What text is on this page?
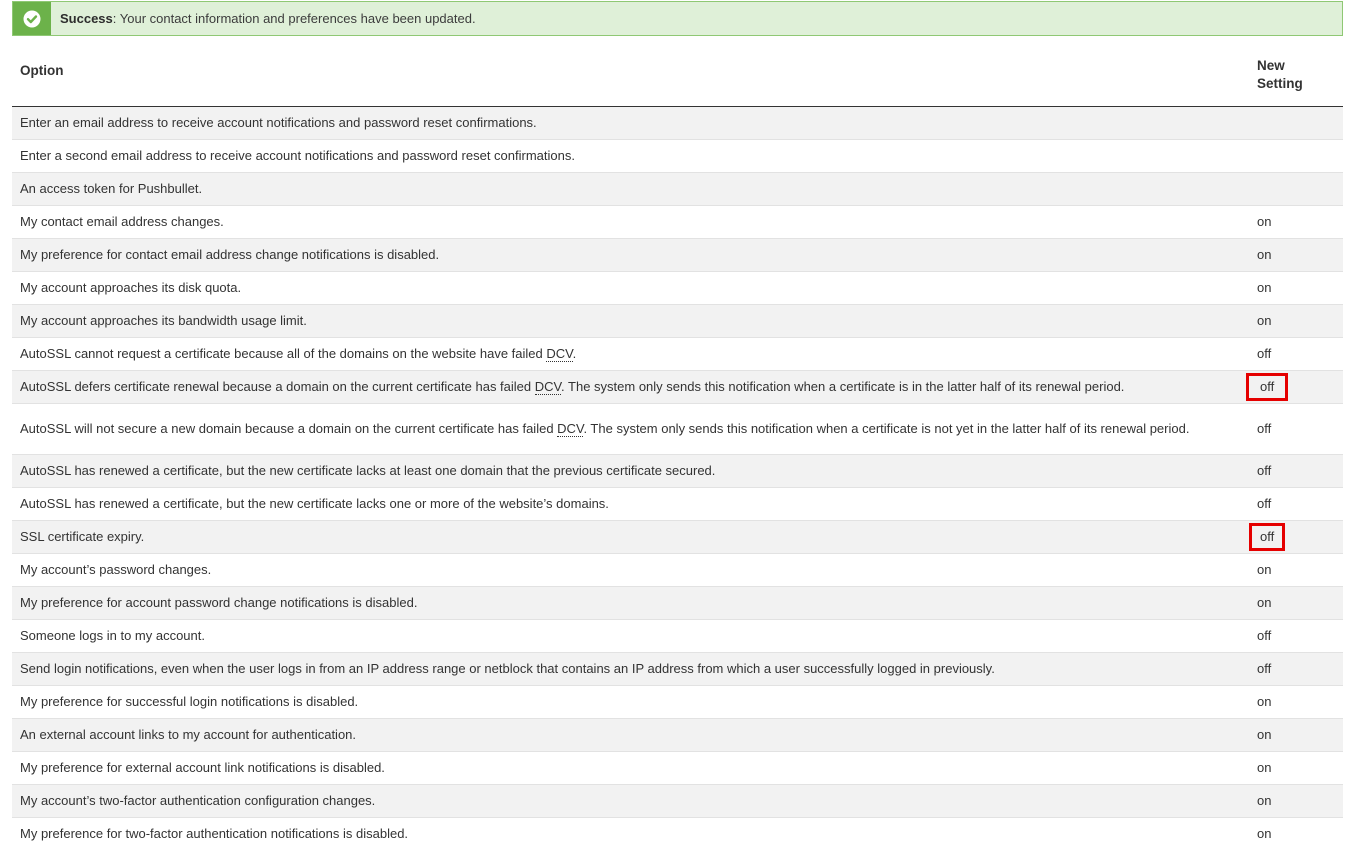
Success: Your contact information and preferences have been updated.
Option	New
Setting
Enter an email address to receive account notifications and password reset confirmations.	
Enter a second email address to receive account notifications and password reset confirmations.	
An access token for Pushbullet.	
My contact email address changes.	on
My preference for contact email address change notifications is disabled.	on
My account approaches its disk quota.	on
My account approaches its bandwidth usage limit.	on
AutoSSL cannot request a certificate because all of the domains on the website have failed DCV.	off
AutoSSL defers certificate renewal because a domain on the current certificate has failed DCV. The system only sends this notification when a certificate is in the latter half of its renewal period.	off
AutoSSL will not secure a new domain because a domain on the current certificate has failed DCV. The system only sends this notification when a certificate is not yet in the latter half of its renewal period.	off
AutoSSL has renewed a certificate, but the new certificate lacks at least one domain that the previous certificate secured.	off
AutoSSL has renewed a certificate, but the new certificate lacks one or more of the website’s domains.	off
SSL certificate expiry.	off
My account’s password changes.	on
My preference for account password change notifications is disabled.	on
Someone logs in to my account.	off
Send login notifications, even when the user logs in from an IP address range or netblock that contains an IP address from which a user successfully logged in previously.	off
My preference for successful login notifications is disabled.	on
An external account links to my account for authentication.	on
My preference for external account link notifications is disabled.	on
My account’s two-factor authentication configuration changes.	on
My preference for two-factor authentication notifications is disabled.	on
